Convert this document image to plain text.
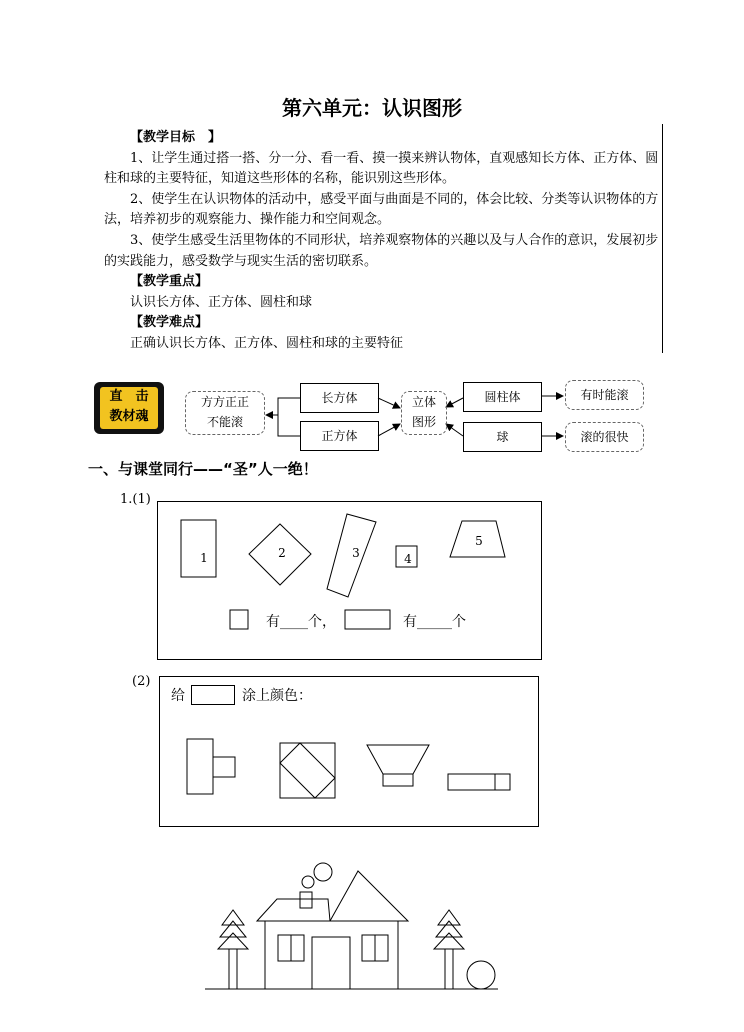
第六单元：认识图形

【教学目标　】

1、让学生通过搭一搭、分一分、看一看、摸一摸来辨认物体，直观感知长方体、正方体、圆柱和球的主要特征，知道这些形体的名称，能识别这些形体。

2、使学生在认识物体的活动中，感受平面与曲面是不同的，体会比较、分类等认识物体的方法，培养初步的观察能力、操作能力和空间观念。

3、使学生感受生活里物体的不同形状，培养观察物体的兴趣以及与人合作的意识，发展初步的实践能力，感受数学与现实生活的密切联系。

【教学重点】

认识长方体、正方体、圆柱和球

【教学难点】

正确认识长方体、正方体、圆柱和球的主要特征

直　击
教材魂
方方正正
不能滚
长方体
正方体
立体
图形
圆柱体
球
有时能滚
滚的很快
一、与课堂同行——“圣”人一绝！
1.(1)
1	2	3	4
5
有____个，	有_____个
(2)
给	涂上颜色：
